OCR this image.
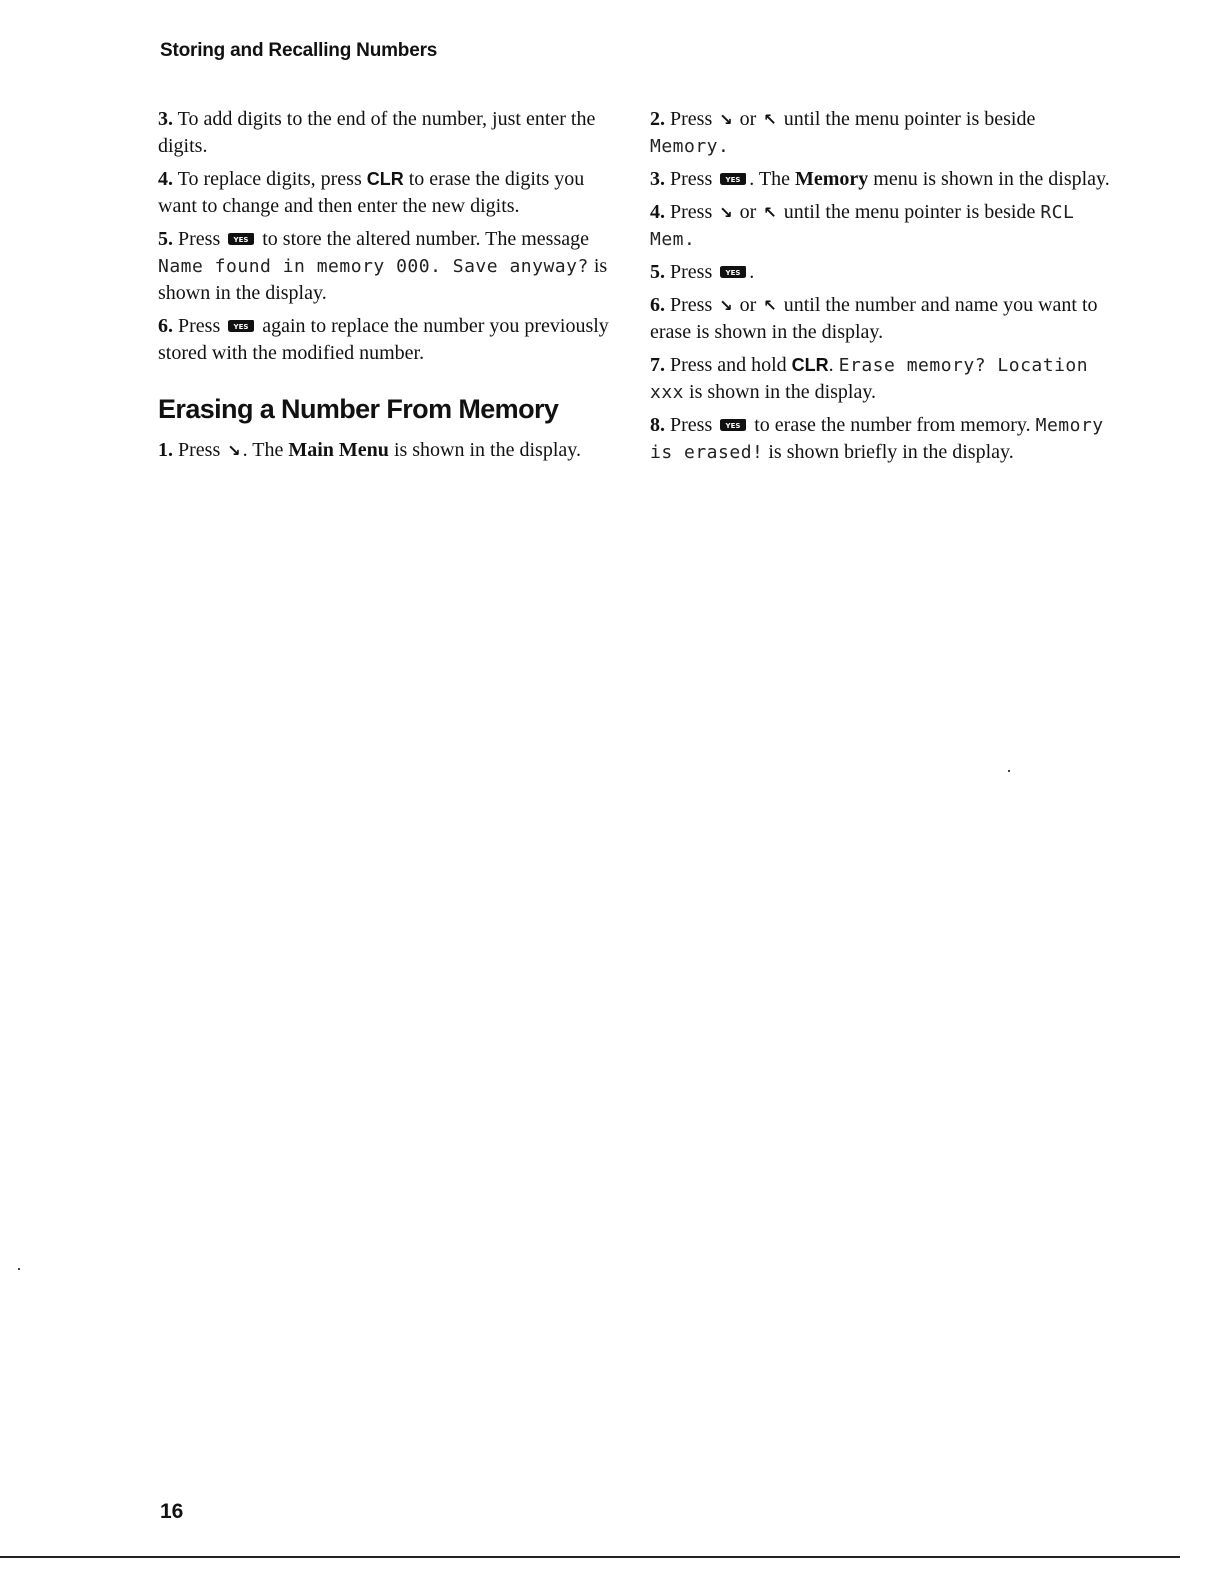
Storing and Recalling Numbers

3. To add digits to the end of the number, just enter the digits.

4. To replace digits, press CLR to erase the digits you want to change and then enter the new digits.

5. Press YES to store the altered number. The message Name found in memory 000. Save anyway? is shown in the display.

6. Press YES again to replace the number you previously stored with the modified number.

Erasing a Number From Memory

1. Press ↘ . The Main Menu is shown in the display.

2. Press ↘ or ↖ until the menu pointer is beside Memory.

3. Press YES . The Memory menu is shown in the display.

4. Press ↘ or ↖ until the menu pointer is beside RCL Mem.

5. Press YES .

6. Press ↘ or ↖ until the number and name you want to erase is shown in the display.

7. Press and hold CLR. Erase memory? Location xxx is shown in the display.

8. Press YES to erase the number from memory. Memory is erased! is shown briefly in the display.

16
